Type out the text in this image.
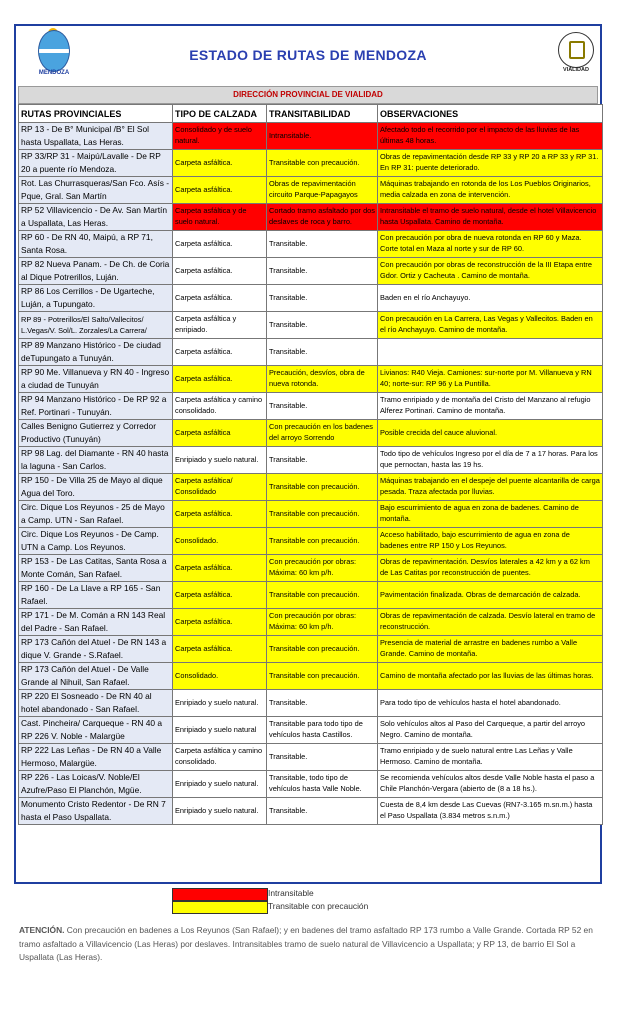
MENDOZA
ESTADO DE RUTAS DE MENDOZA
VIALIDAD
DIRECCIÓN PROVINCIAL DE VIALIDAD
RUTAS PROVINCIALES	TIPO DE CALZADA	TRANSITABILIDAD	OBSERVACIONES
RP 13 - De B° Municipal /B° El Sol hasta Uspallata, Las Heras.	Consolidado y de suelo natural.	Intransitable.	Afectado todo el recorrido por el impacto de las lluvias de las últimas 48 horas.
RP 33/RP 31 - Maipú/Lavalle - De RP 20 a puente río Mendoza.	Carpeta asfáltica.	Transitable con precaución.	Obras de repavimentación desde RP 33 y RP 20 a RP 33 y RP 31. En RP 31: puente deteriorado.
Rot. Las Churrasqueras/San Fco. Asís - Pque, Gral. San Martín	Carpeta asfáltica.	Obras de repavimentación circuito Parque-Papagayos	Máquinas trabajando en rotonda de los Los Pueblos Originarios, media calzada en zona de intervención.
RP 52 Villavicencio - De Av. San Martín a Uspallata, Las Heras.	Carpeta asfáltica y de suelo natural.	Cortado tramo asfaltado por dos deslaves de roca y barro.	Intransitable el tramo de suelo natural, desde el hotel Villavicencio hasta Uspallata. Camino de montaña.
RP 60 - De RN 40, Maipú, a RP 71, Santa Rosa.	Carpeta asfáltica.	Transitable.	Con precaución por obra de nueva rotonda en RP 60 y Maza. Corte total en Maza al norte y sur de RP 60.
RP 82 Nueva Panam. - De Ch. de Coria al Dique Potrerillos, Luján.	Carpeta asfáltica.	Transitable.	Con precaución por obras de reconstrucción de la III Etapa entre Gdor. Ortiz y Cacheuta . Camino de montaña.
RP 86 Los Cerrillos - De Ugarteche, Luján, a Tupungato.	Carpeta asfáltica.	Transitable.	Baden en el río Anchayuyo.
RP 89 - Potrerillos/El Salto/Vallecitos/ L.Vegas/V. Sol/L. Zorzales/La Carrera/	Carpeta asfáltica y enripiado.	Transitable.	Con precaución en La Carrera, Las Vegas y Vallecitos. Baden en el río Anchayuyo. Camino de montaña.
RP 89 Manzano Histórico - De ciudad deTupungato a Tunuyán.	Carpeta asfáltica.	Transitable.	
RP 90 Me. Villanueva y RN 40 - Ingreso a ciudad de Tunuyán	Carpeta asfáltica.	Precaución, desvíos, obra de nueva rotonda.	Livianos: R40 Vieja. Camiones: sur-norte por M. Villanueva y RN 40; norte-sur: RP 96 y La Puntilla.
RP 94 Manzano Histórico - De RP 92 a Ref. Portinari - Tunuyán.	Carpeta asfáltica y camino consolidado.	Transitable.	Tramo enripiado y de montaña del Cristo del Manzano al refugio Alferez Portinari. Camino de montaña.
Calles Benigno Gutierrez y Corredor Productivo (Tunuyán)	Carpeta asfáltica	Con precaución en los badenes del arroyo Sorrendo	Posible crecida del cauce aluvional.
RP 98 Lag. del Diamante - RN 40 hasta la laguna - San Carlos.	Enripiado y suelo natural.	Transitable.	Todo tipo de vehículos Ingreso por el día de 7 a 17 horas. Para los que pernoctan, hasta las 19 hs.
RP 150 - De Villa 25 de Mayo al dique Agua del Toro.	Carpeta asfáltica/ Consolidado	Transitable con precaución.	Máquinas trabajando en el despeje del puente alcantarilla de carga pesada. Traza afectada por lluvias.
Circ. Dique Los Reyunos - 25 de Mayo a Camp. UTN - San Rafael.	Carpeta asfáltica.	Transitable con precaución.	Bajo escurrimiento de agua en zona de badenes. Camino de montaña.
Circ. Dique Los Reyunos - De Camp. UTN a Camp. Los Reyunos.	Consolidado.	Transitable con precaución.	Acceso habilitado, bajo escurrimiento de agua en zona de badenes entre RP 150 y Los Reyunos.
RP 153 - De Las Catitas, Santa Rosa a Monte Comán, San Rafael.	Carpeta asfáltica.	Con precaución por obras: Máxima: 60 km p/h.	Obras de repavimentación. Desvíos laterales a 42 km y a 62 km de Las Catitas por reconstrucción de puentes.
RP 160 - De La Llave a RP 165 - San Rafael.	Carpeta asfáltica.	Transitable con precaución.	Pavimentación finalizada. Obras de demarcación de calzada.
RP 171 - De M. Comán a RN 143 Real del Padre - San Rafael.	Carpeta asfáltica.	Con precaución por obras: Máxima: 60 km p/h.	Obras de repavimentación de calzada. Desvío lateral en tramo de reconstrucción.
RP 173 Cañón del Atuel - De RN 143 a dique V. Grande - S.Rafael.	Carpeta asfáltica.	Transitable con precaución.	Presencia de material de arrastre en badenes rumbo a Valle Grande. Camino de montaña.
RP 173 Cañón del Atuel - De Valle Grande al Nihuil, San Rafael.	Consolidado.	Transitable con precaución.	Camino de montaña afectado por las lluvias de las últimas horas.
RP 220 El Sosneado - De RN 40 al hotel abandonado - San Rafael.	Enripiado y suelo natural.	Transitable.	Para todo tipo de vehículos hasta el hotel abandonado.
Cast. Pincheira/ Carqueque - RN 40 a RP 226 V. Noble - Malargüe	Enripiado y suelo natural	Transitable para todo tipo de vehículos hasta Castillos.	Solo vehículos altos al Paso del Carqueque, a partir del arroyo Negro. Camino de montaña.
RP 222 Las Leñas - De RN 40 a Valle Hermoso, Malargüe.	Carpeta asfáltica y camino consolidado.	Transitable.	Tramo enripiado y de suelo natural entre Las Leñas y Valle Hermoso. Camino de montaña.
RP 226 - Las Loicas/V. Noble/El Azufre/Paso El Planchón, Mgüe.	Enripiado y suelo natural.	Transitable, todo tipo de vehículos hasta Valle Noble.	Se recomienda vehículos altos desde Valle Noble hasta el paso a Chile Planchón-Vergara (abierto de (8 a 18 hs.).
Monumento Cristo Redentor - De RN 7 hasta el Paso Uspallata.	Enripiado y suelo natural.	Transitable.	Cuesta de 8,4 km desde Las Cuevas (RN7-3.165 m.sn.m.) hasta el Paso Uspallata (3.834 metros s.n.m.)
Intransitable
Transitable con precaución
ATENCIÓN. Con precaución en badenes a Los Reyunos (San Rafael); y en badenes del tramo asfaltado RP 173 rumbo a Valle Grande. Cortada RP 52 en tramo asfaltado a Villavicencio (Las Heras) por deslaves. Intransitables tramo de suelo natural de Villavicencio a Uspallata; y RP 13, de barrio El Sol a Uspallata (Las Heras).
